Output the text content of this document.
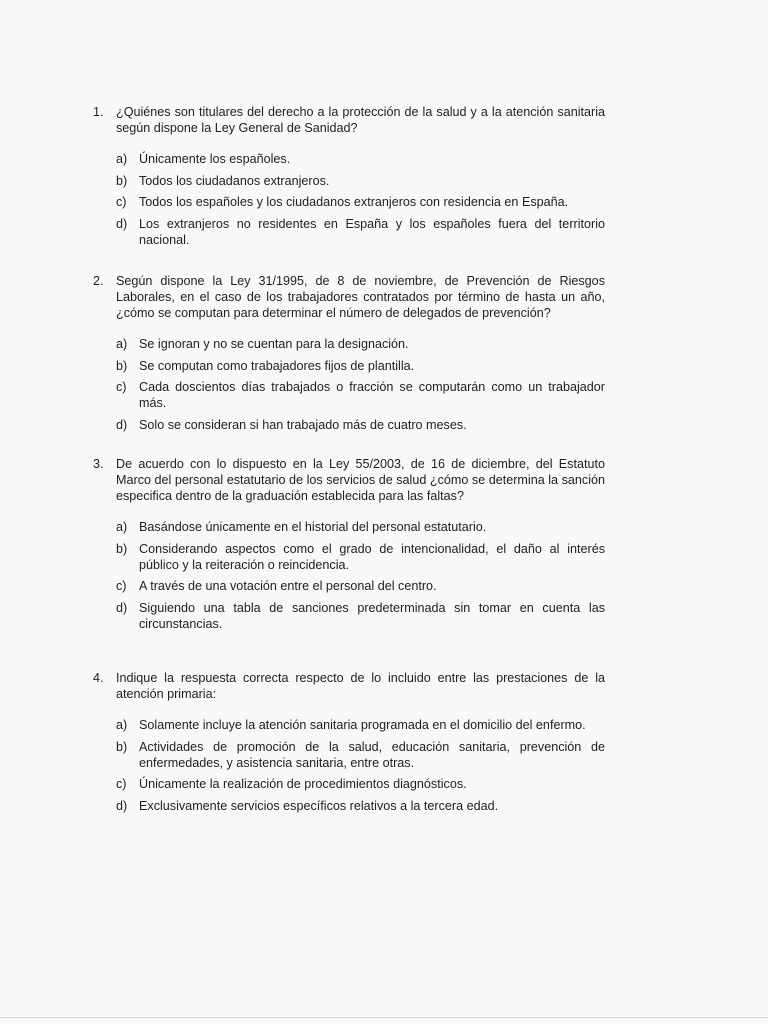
1. ¿Quiénes son titulares del derecho a la protección de la salud y a la atención sanitaria según dispone la Ley General de Sanidad?
a) Únicamente los españoles.
b) Todos los ciudadanos extranjeros.
c) Todos los españoles y los ciudadanos extranjeros con residencia en España.
d) Los extranjeros no residentes en España y los españoles fuera del territorio nacional.
2. Según dispone la Ley 31/1995, de 8 de noviembre, de Prevención de Riesgos Laborales, en el caso de los trabajadores contratados por término de hasta un año, ¿cómo se computan para determinar el número de delegados de prevención?
a) Se ignoran y no se cuentan para la designación.
b) Se computan como trabajadores fijos de plantilla.
c) Cada doscientos días trabajados o fracción se computarán como un trabajador más.
d) Solo se consideran si han trabajado más de cuatro meses.
3. De acuerdo con lo dispuesto en la Ley 55/2003, de 16 de diciembre, del Estatuto Marco del personal estatutario de los servicios de salud ¿cómo se determina la sanción especifica dentro de la graduación establecida para las faltas?
a) Basándose únicamente en el historial del personal estatutario.
b) Considerando aspectos como el grado de intencionalidad, el daño al interés público y la reiteración o reincidencia.
c) A través de una votación entre el personal del centro.
d) Siguiendo una tabla de sanciones predeterminada sin tomar en cuenta las circunstancias.
4. Indique la respuesta correcta respecto de lo incluido entre las prestaciones de la atención primaria:
a) Solamente incluye la atención sanitaria programada en el domicilio del enfermo.
b) Actividades de promoción de la salud, educación sanitaria, prevención de enfermedades, y asistencia sanitaria, entre otras.
c) Únicamente la realización de procedimientos diagnósticos.
d) Exclusivamente servicios específicos relativos a la tercera edad.
